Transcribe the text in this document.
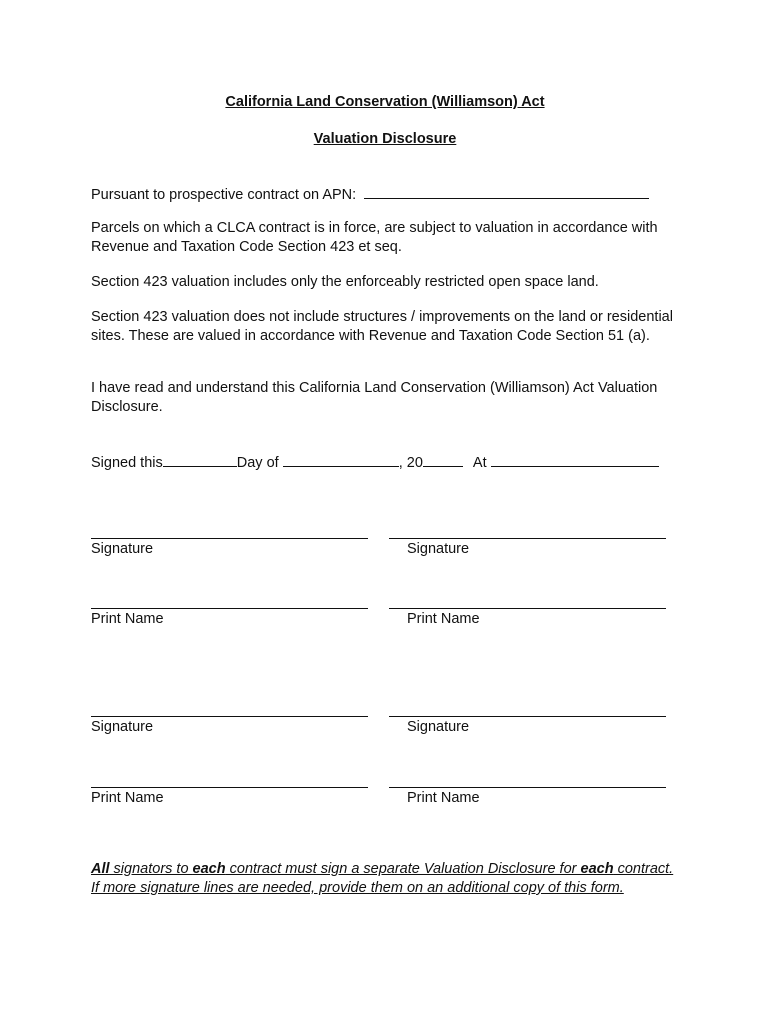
California Land Conservation (Williamson) Act
Valuation Disclosure
Pursuant to prospective contract on APN:
Parcels on which a CLCA contract is in force, are subject to valuation in accordance with Revenue and Taxation Code Section 423 et seq.
Section 423 valuation includes only the enforceably restricted open space land.
Section 423 valuation does not include structures / improvements on the land or residential sites. These are valued in accordance with Revenue and Taxation Code Section 51 (a).
I have read and understand this California Land Conservation (Williamson) Act Valuation Disclosure.
Signed this	Day of	, 20	At
Signature	Signature
Print Name	Print Name
Signature	Signature
Print Name	Print Name
All signators to each contract must sign a separate Valuation Disclosure for each contract. If more signature lines are needed, provide them on an additional copy of this form.
